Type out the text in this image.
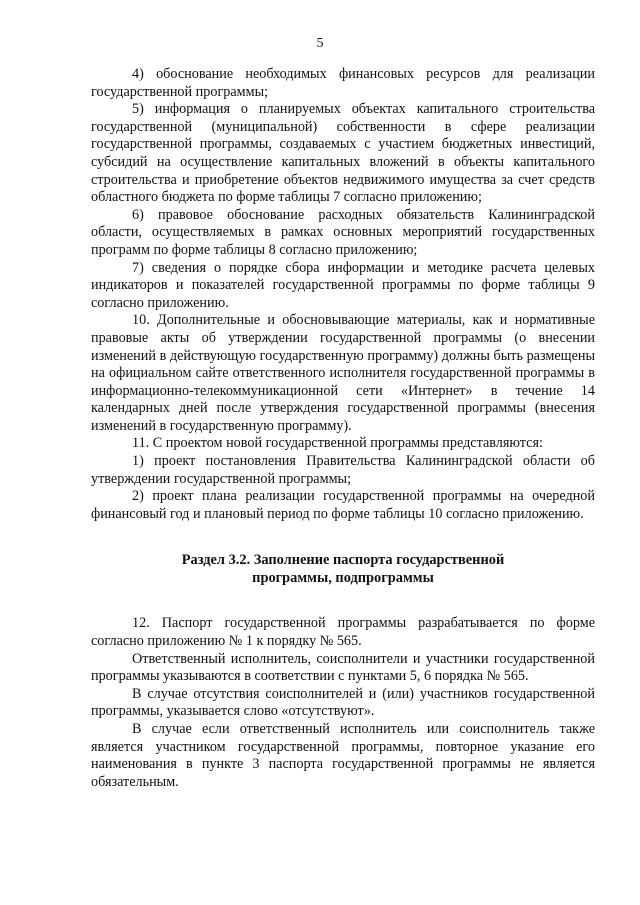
5

4) обоснование необходимых финансовых ресурсов для реализации государственной программы;

5) информация о планируемых объектах капитального строительства государственной (муниципальной) собственности в сфере реализации государственной программы, создаваемых с участием бюджетных инвестиций, субсидий на осуществление капитальных вложений в объекты капитального строительства и приобретение объектов недвижимого имущества за счет средств областного бюджета по форме таблицы 7 согласно приложению;

6) правовое обоснование расходных обязательств Калининградской области, осуществляемых в рамках основных мероприятий государственных программ по форме таблицы 8 согласно приложению;

7) сведения о порядке сбора информации и методике расчета целевых индикаторов и показателей государственной программы по форме таблицы 9 согласно приложению.

10. Дополнительные и обосновывающие материалы, как и нормативные правовые акты об утверждении государственной программы (о внесении изменений в действующую государственную программу) должны быть размещены на официальном сайте ответственного исполнителя государственной программы в информационно-телекоммуникационной сети «Интернет» в течение 14 календарных дней после утверждения государственной программы (внесения изменений в государственную программу).

11. С проектом новой государственной программы представляются:

1) проект постановления Правительства Калининградской области об утверждении государственной программы;

2) проект плана реализации государственной программы на очередной финансовый год и плановый период по форме таблицы 10 согласно приложению.

Раздел 3.2. Заполнение паспорта государственной

программы, подпрограммы

12. Паспорт государственной программы разрабатывается по форме согласно приложению № 1 к порядку № 565.

Ответственный исполнитель, соисполнители и участники государственной программы указываются в соответствии с пунктами 5, 6 порядка № 565.

В случае отсутствия соисполнителей и (или) участников государственной программы, указывается слово «отсутствуют».

В случае если ответственный исполнитель или соисполнитель также является участником государственной программы, повторное указание его наименования в пункте 3 паспорта государственной программы не является обязательным.
